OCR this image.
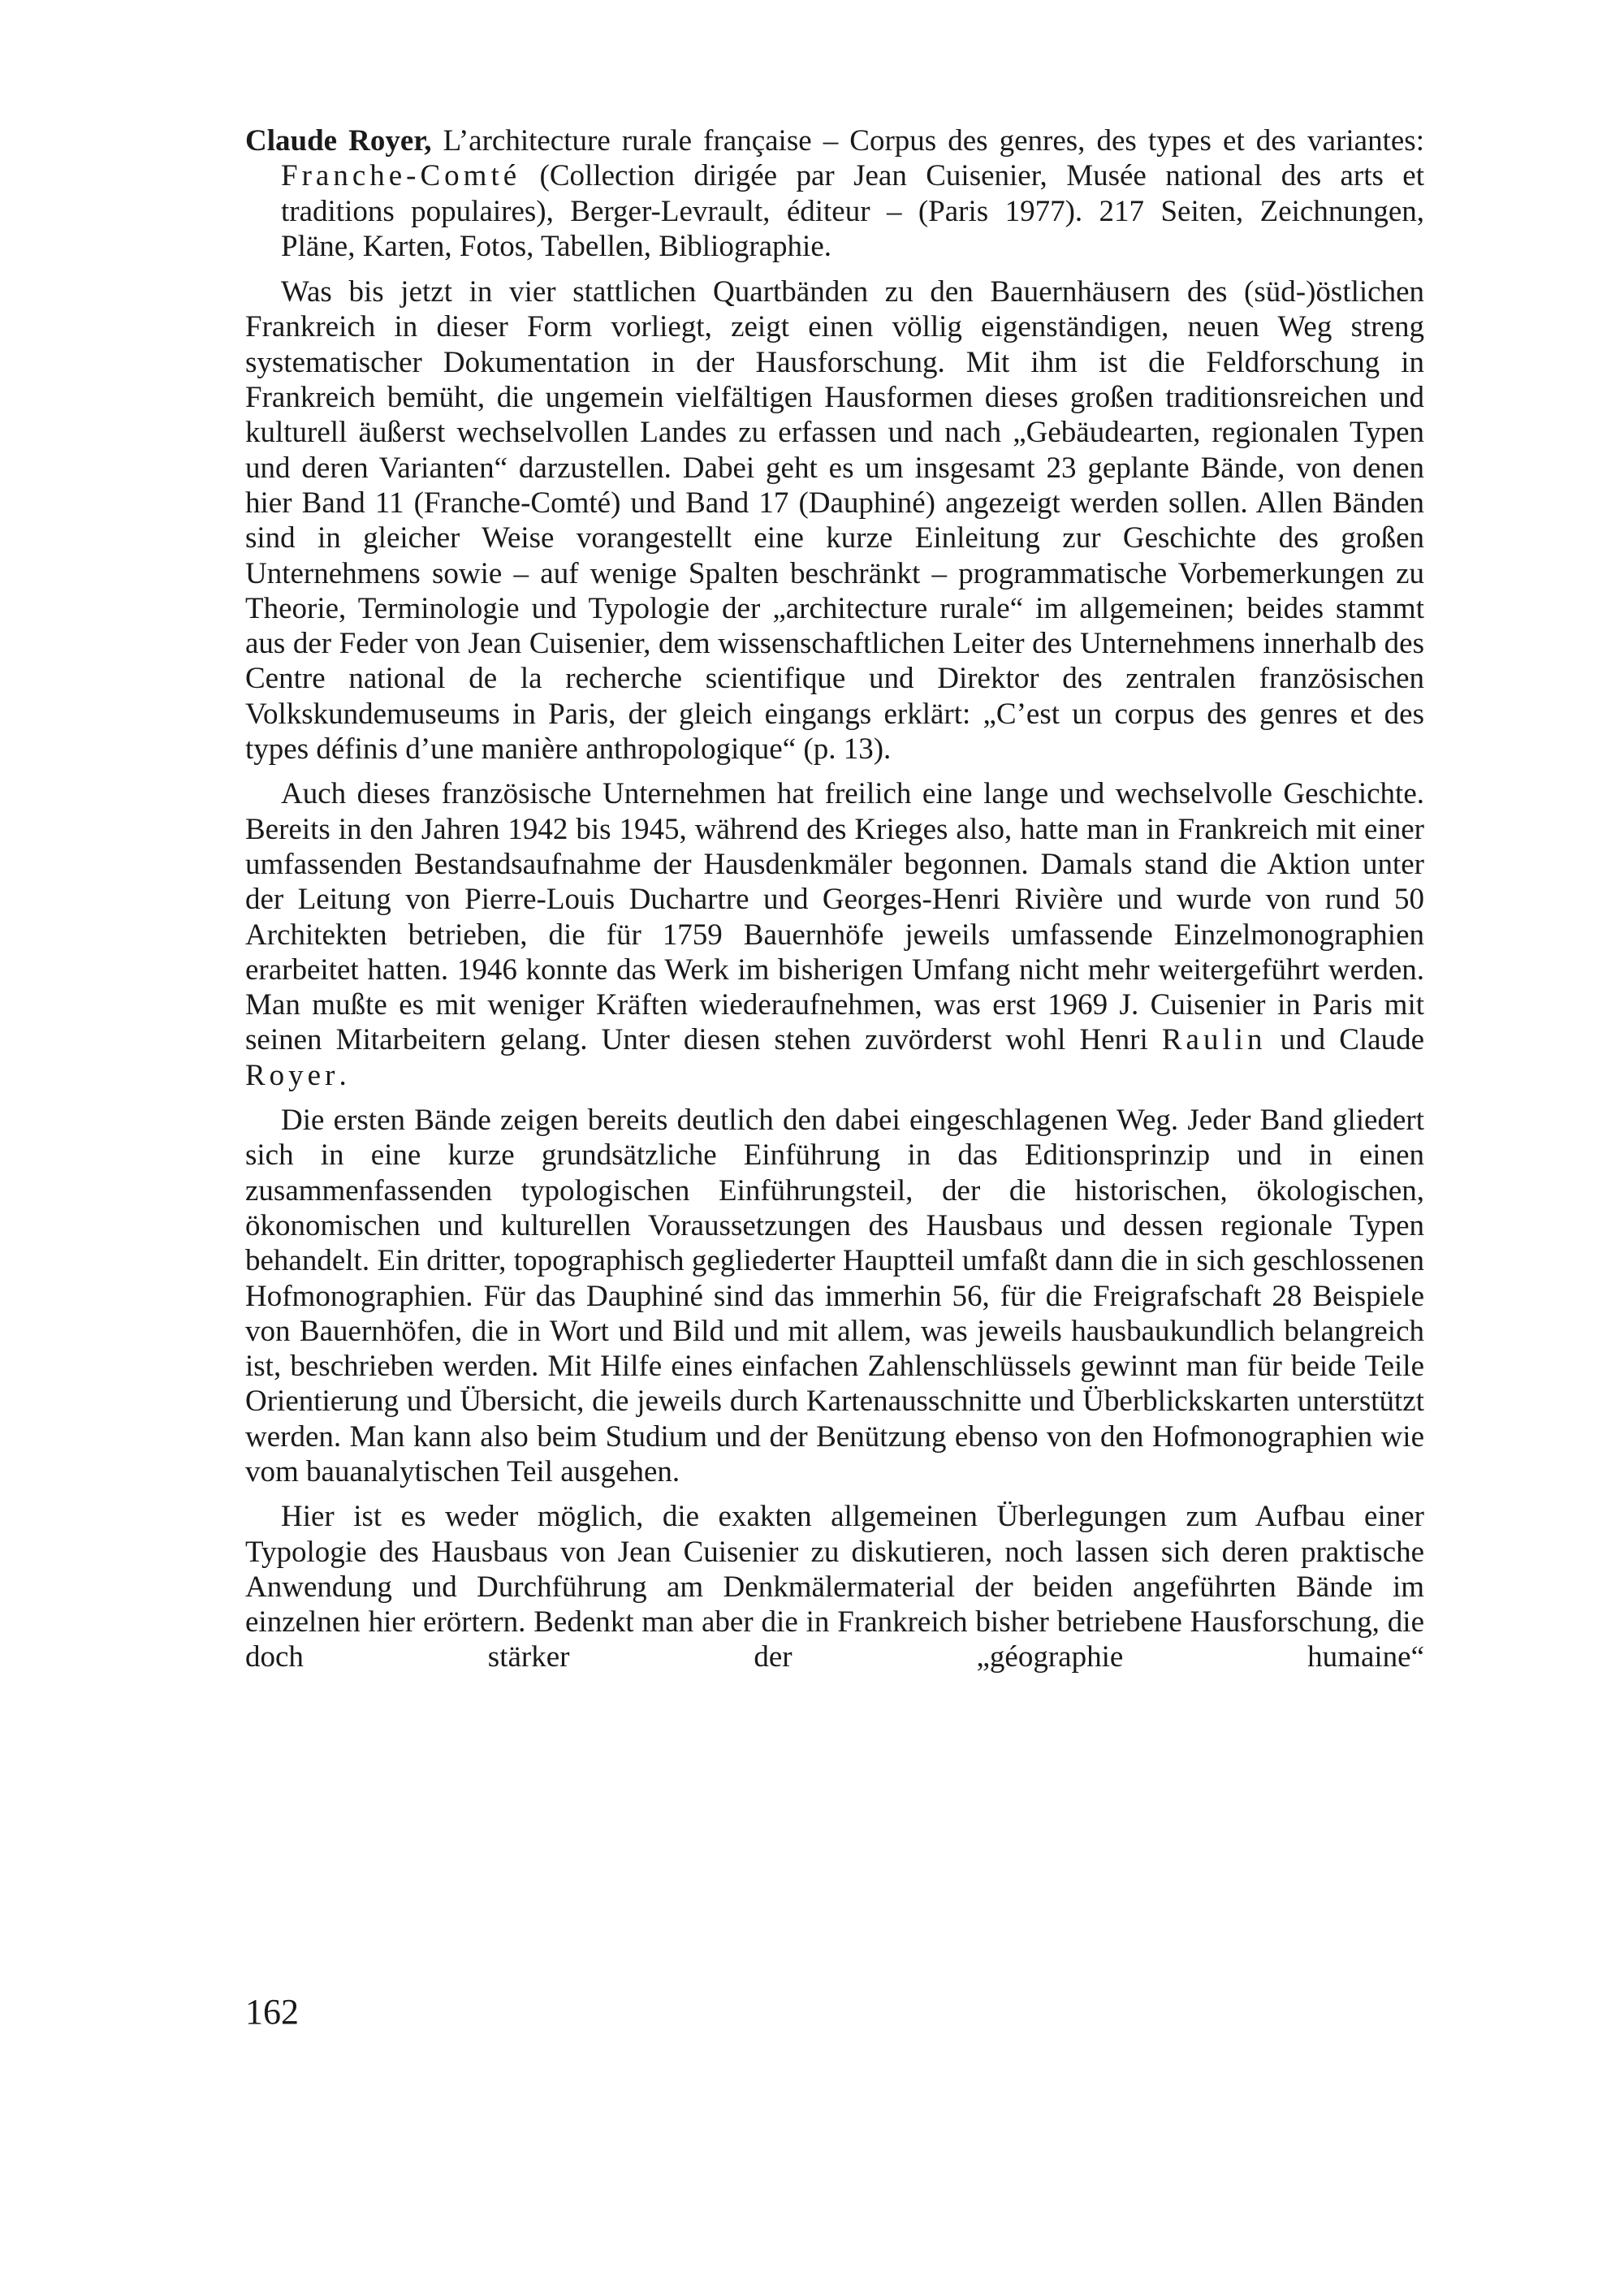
Claude Royer, L’architecture rurale française – Corpus des genres, des types et des variantes: Franche-Comté (Collection dirigée par Jean Cuisenier, Musée national des arts et traditions populaires), Berger-Levrault, éditeur – (Paris 1977). 217 Seiten, Zeichnungen, Pläne, Karten, Fotos, Tabellen, Bibliographie.

Was bis jetzt in vier stattlichen Quartbänden zu den Bauernhäusern des (süd-)östlichen Frankreich in dieser Form vorliegt, zeigt einen völlig eigenständigen, neuen Weg streng systematischer Dokumentation in der Hausforschung. Mit ihm ist die Feldforschung in Frankreich bemüht, die ungemein vielfältigen Hausformen dieses großen traditionsreichen und kulturell äußerst wechselvollen Landes zu erfassen und nach „Gebäudearten, regionalen Typen und deren Varianten“ darzustellen. Dabei geht es um insgesamt 23 geplante Bände, von denen hier Band 11 (Franche-Comté) und Band 17 (Dauphiné) angezeigt werden sollen. Allen Bänden sind in gleicher Weise vorangestellt eine kurze Einleitung zur Geschichte des großen Unternehmens sowie – auf wenige Spalten beschränkt – programmatische Vorbemerkungen zu Theorie, Terminologie und Typologie der „architecture rurale“ im allgemeinen; beides stammt aus der Feder von Jean Cuisenier, dem wissenschaftlichen Leiter des Unternehmens innerhalb des Centre national de la recherche scientifique und Direktor des zentralen französischen Volkskundemuseums in Paris, der gleich eingangs erklärt: „C’est un corpus des genres et des types définis d’une manière anthropologique“ (p. 13).

Auch dieses französische Unternehmen hat freilich eine lange und wechselvolle Geschichte. Bereits in den Jahren 1942 bis 1945, während des Krieges also, hatte man in Frankreich mit einer umfassenden Bestandsaufnahme der Hausdenkmäler begonnen. Damals stand die Aktion unter der Leitung von Pierre-Louis Duchartre und Georges-Henri Rivière und wurde von rund 50 Architekten betrieben, die für 1759 Bauernhöfe jeweils umfassende Einzelmonographien erarbeitet hatten. 1946 konnte das Werk im bisherigen Umfang nicht mehr weitergeführt werden. Man mußte es mit weniger Kräften wiederaufnehmen, was erst 1969 J. Cuisenier in Paris mit seinen Mitarbeitern gelang. Unter diesen stehen zuvörderst wohl Henri Raulin und Claude Royer.

Die ersten Bände zeigen bereits deutlich den dabei eingeschlagenen Weg. Jeder Band gliedert sich in eine kurze grundsätzliche Einführung in das Editionsprinzip und in einen zusammenfassenden typologischen Einführungsteil, der die historischen, ökologischen, ökonomischen und kulturellen Voraussetzungen des Hausbaus und dessen regionale Typen behandelt. Ein dritter, topographisch gegliederter Hauptteil umfaßt dann die in sich geschlossenen Hofmonographien. Für das Dauphiné sind das immerhin 56, für die Freigrafschaft 28 Beispiele von Bauernhöfen, die in Wort und Bild und mit allem, was jeweils hausbaukundlich belangreich ist, beschrieben werden. Mit Hilfe eines einfachen Zahlenschlüssels gewinnt man für beide Teile Orientierung und Übersicht, die jeweils durch Kartenausschnitte und Überblickskarten unterstützt werden. Man kann also beim Studium und der Benützung ebenso von den Hofmonographien wie vom bauanalytischen Teil ausgehen.

Hier ist es weder möglich, die exakten allgemeinen Überlegungen zum Aufbau einer Typologie des Hausbaus von Jean Cuisenier zu diskutieren, noch lassen sich deren praktische Anwendung und Durchführung am Denkmälermaterial der beiden angeführten Bände im einzelnen hier erörtern. Bedenkt man aber die in Frankreich bisher betriebene Hausforschung, die doch stärker der „géographie humaine“

162
